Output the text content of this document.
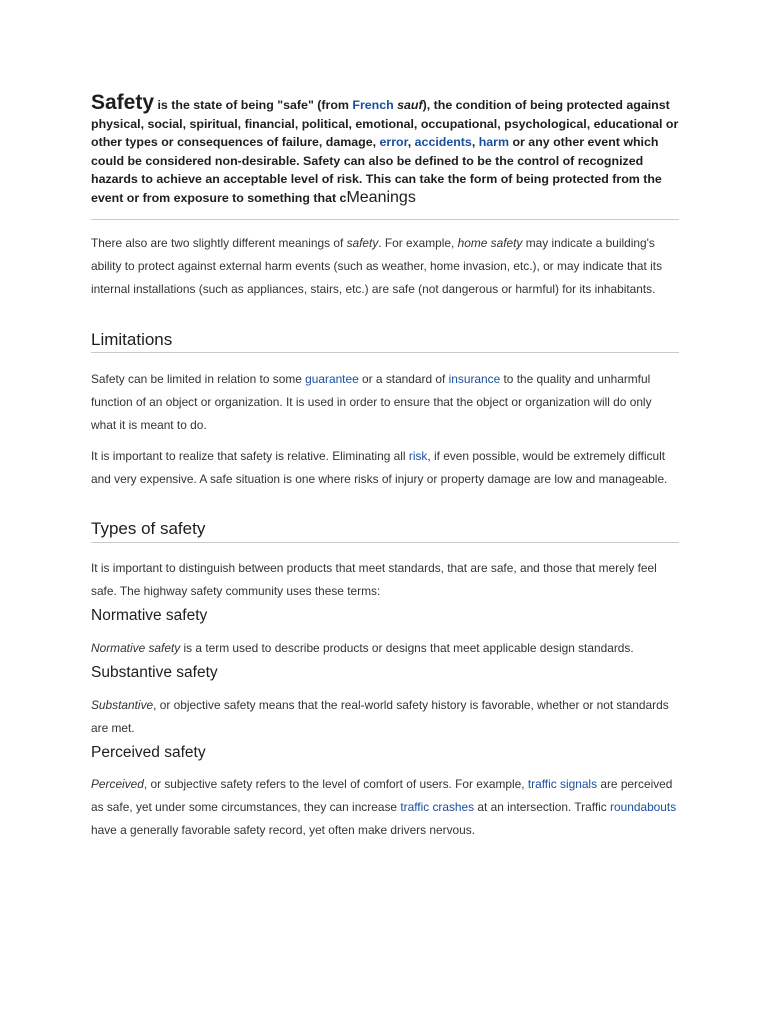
Safety is the state of being "safe" (from French sauf), the condition of being protected against physical, social, spiritual, financial, political, emotional, occupational, psychological, educational or other types or consequences of failure, damage, error, accidents, harm or any other event which could be considered non-desirable. Safety can also be defined to be the control of recognized hazards to achieve an acceptable level of risk. This can take the form of being protected from the event or from exposure to something that cMeanings
There also are two slightly different meanings of safety. For example, home safety may indicate a building's ability to protect against external harm events (such as weather, home invasion, etc.), or may indicate that its internal installations (such as appliances, stairs, etc.) are safe (not dangerous or harmful) for its inhabitants.
Limitations
Safety can be limited in relation to some guarantee or a standard of insurance to the quality and unharmful function of an object or organization. It is used in order to ensure that the object or organization will do only what it is meant to do.
It is important to realize that safety is relative. Eliminating all risk, if even possible, would be extremely difficult and very expensive. A safe situation is one where risks of injury or property damage are low and manageable.
Types of safety
It is important to distinguish between products that meet standards, that are safe, and those that merely feel safe. The highway safety community uses these terms:
Normative safety
Normative safety is a term used to describe products or designs that meet applicable design standards.
Substantive safety
Substantive, or objective safety means that the real-world safety history is favorable, whether or not standards are met.
Perceived safety
Perceived, or subjective safety refers to the level of comfort of users. For example, traffic signals are perceived as safe, yet under some circumstances, they can increase traffic crashes at an intersection. Traffic roundabouts have a generally favorable safety record, yet often make drivers nervous.
